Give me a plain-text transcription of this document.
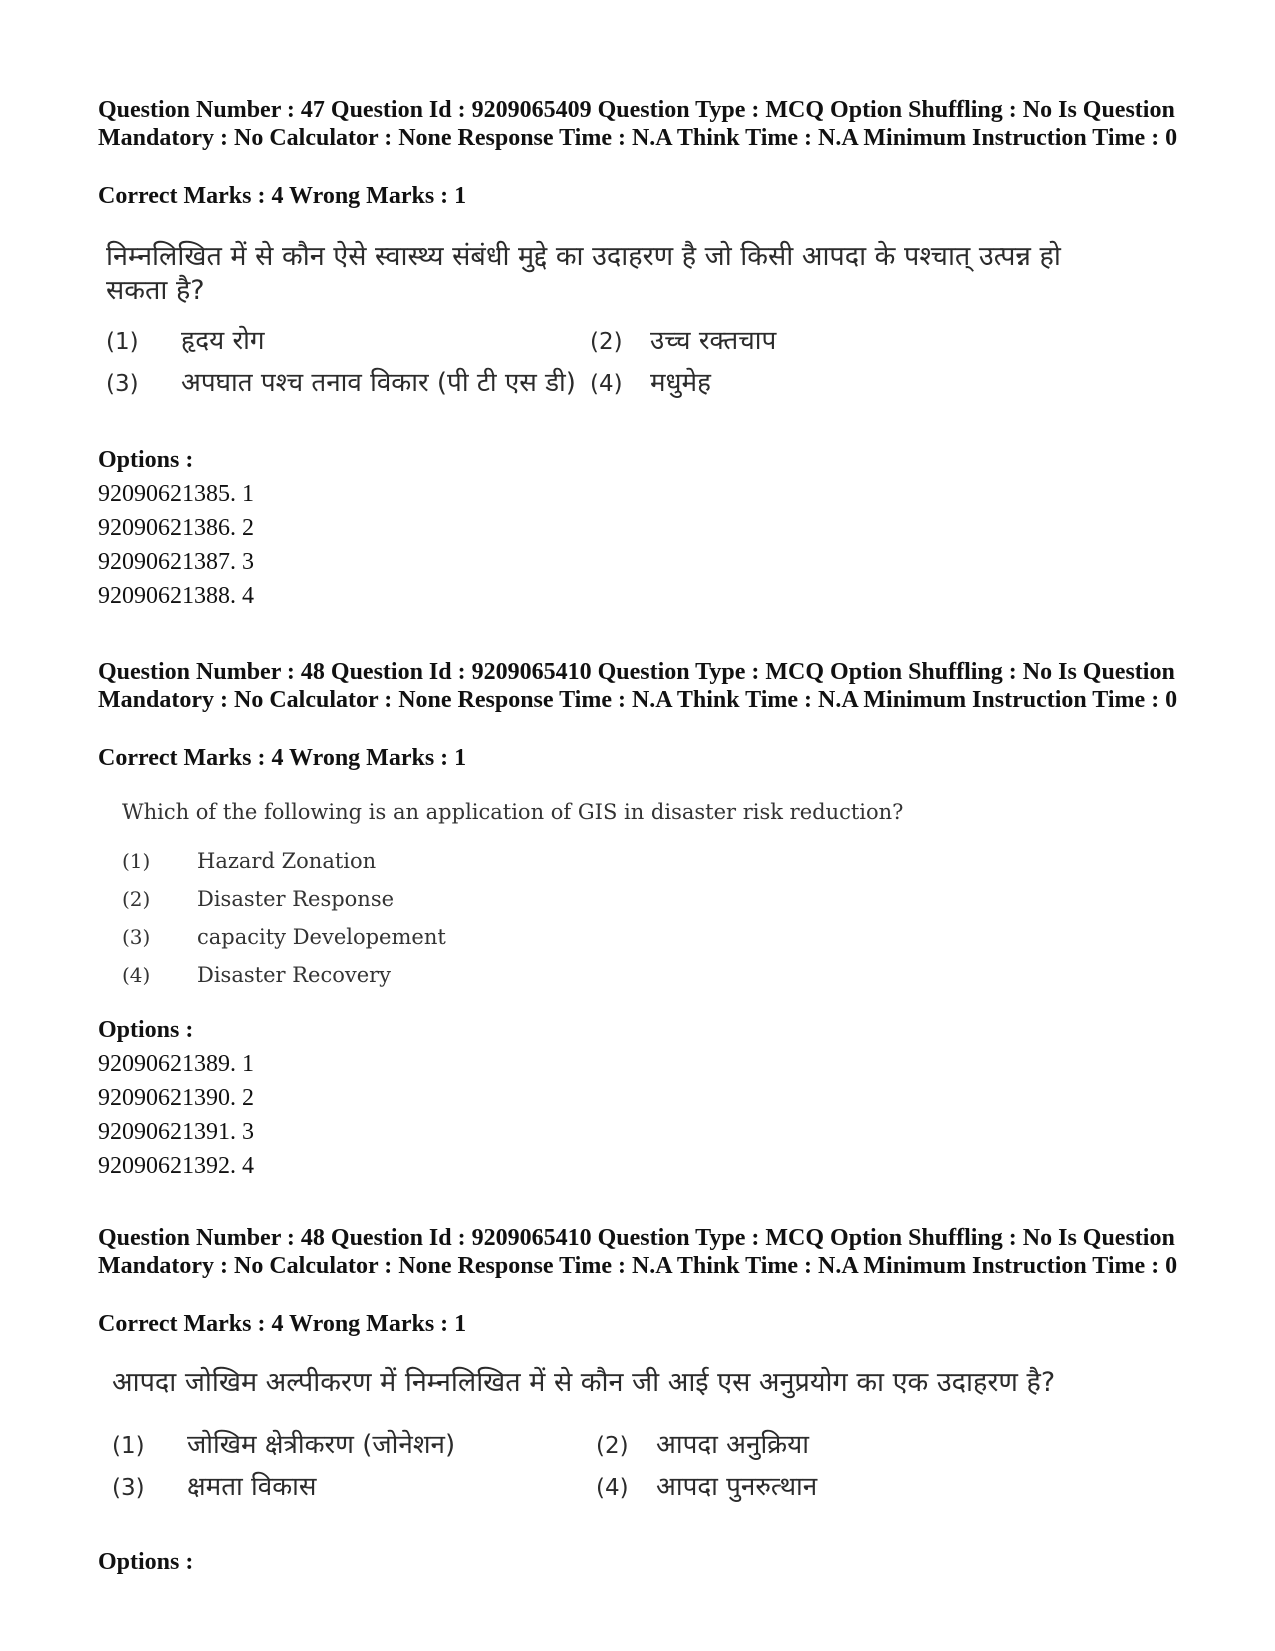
Question Number : 47 Question Id : 9209065409 Question Type : MCQ Option Shuffling : No Is Question Mandatory : No Calculator : None Response Time : N.A Think Time : N.A Minimum Instruction Time : 0

Correct Marks : 4 Wrong Marks : 1

निम्नलिखित में से कौन ऐसे स्वास्थ्य संबंधी मुद्दे का उदाहरण है जो किसी आपदा के पश्चात् उत्पन्न हो सकता है?

(1) हृदय रोग	(2) उच्च रक्तचाप
(3) अपघात पश्च तनाव विकार (पी टी एस डी) (4) मधुमेह

Options :

92090621385. 1

92090621386. 2

92090621387. 3

92090621388. 4

Question Number : 48 Question Id : 9209065410 Question Type : MCQ Option Shuffling : No Is Question Mandatory : No Calculator : None Response Time : N.A Think Time : N.A Minimum Instruction Time : 0

Correct Marks : 4 Wrong Marks : 1

Which of the following is an application of GIS in disaster risk reduction?

(1) Hazard Zonation
(2) Disaster Response
(3) capacity Developement
(4) Disaster Recovery

Options :

92090621389. 1

92090621390. 2

92090621391. 3

92090621392. 4

Question Number : 48 Question Id : 9209065410 Question Type : MCQ Option Shuffling : No Is Question Mandatory : No Calculator : None Response Time : N.A Think Time : N.A Minimum Instruction Time : 0

Correct Marks : 4 Wrong Marks : 1

आपदा जोखिम अल्पीकरण में निम्नलिखित में से कौन जी आई एस अनुप्रयोग का एक उदाहरण है?

(1) जोखिम क्षेत्रीकरण (जोनेशन)	(2) आपदा अनुक्रिया
(3) क्षमता विकास	(4) आपदा पुनरुत्थान

Options :
